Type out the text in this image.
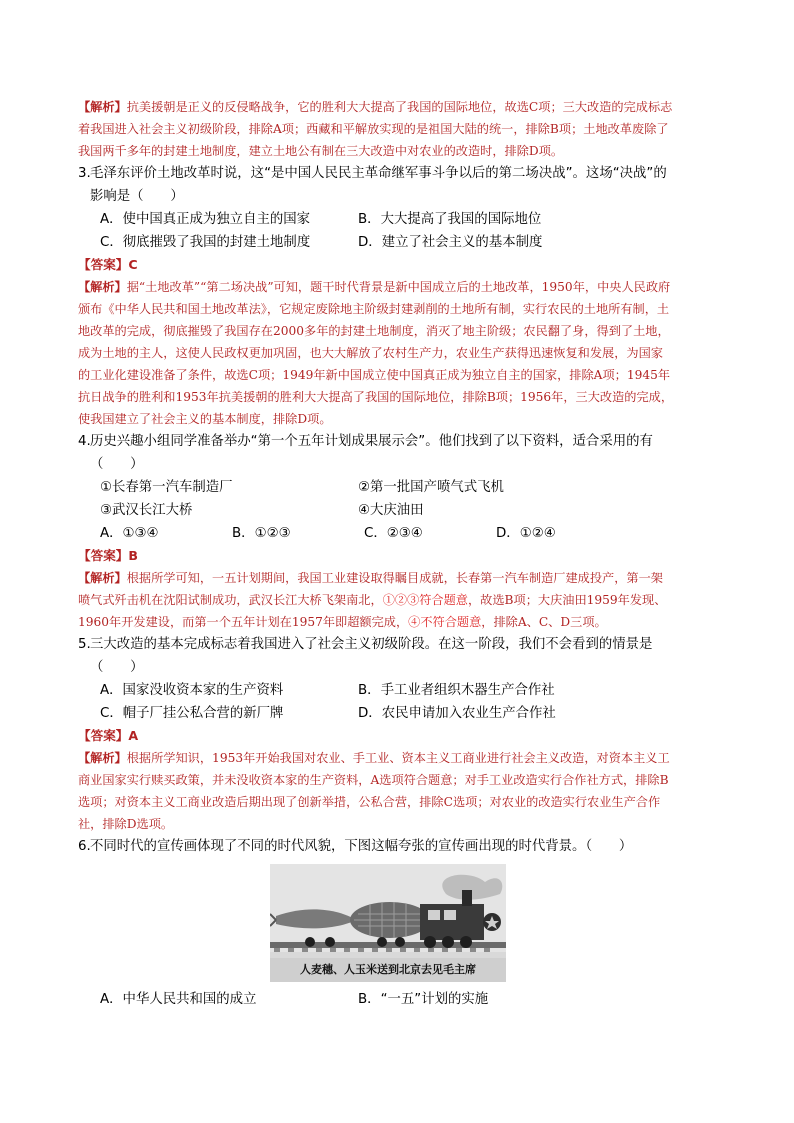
【解析】抗美援朝是正义的反侵略战争，它的胜利大大提高了我国的国际地位，故选C项；三大改造的完成标志着我国进入社会主义初级阶段，排除A项；西藏和平解放实现的是祖国大陆的统一，排除B项；土地改革废除了我国两千多年的封建土地制度，建立土地公有制在三大改造中对农业的改造时，排除D项。

3.毛泽东评价土地改革时说，这“是中国人民民主革命继军事斗争以后的第二场决战”。这场“决战”的影响是（　　）

A．使中国真正成为独立自主的国家	B．大大提高了我国的国际地位
C．彻底摧毁了我国的封建土地制度	D．建立了社会主义的基本制度

【答案】C

【解析】据“土地改革”“第二场决战”可知，题干时代背景是新中国成立后的土地改革，1950年，中央人民政府颁布《中华人民共和国土地改革法》，它规定废除地主阶级封建剥削的土地所有制，实行农民的土地所有制，土地改革的完成，彻底摧毁了我国存在2000多年的封建土地制度，消灭了地主阶级；农民翻了身，得到了土地，成为土地的主人，这使人民政权更加巩固，也大大解放了农村生产力，农业生产获得迅速恢复和发展，为国家的工业化建设准备了条件，故选C项；1949年新中国成立使中国真正成为独立自主的国家，排除A项；1945年抗日战争的胜利和1953年抗美援朝的胜利大大提高了我国的国际地位，排除B项；1956年，三大改造的完成，使我国建立了社会主义的基本制度，排除D项。

4.历史兴趣小组同学准备举办“第一个五年计划成果展示会”。他们找到了以下资料，适合采用的有（　　）

①长春第一汽车制造厂	②第一批国产喷气式飞机
③武汉长江大桥	④大庆油田
A．①③④	B．①②③	C．②③④	D．①②④

【答案】B

【解析】根据所学可知，一五计划期间，我国工业建设取得瞩目成就，长春第一汽车制造厂建成投产，第一架喷气式歼击机在沈阳试制成功，武汉长江大桥飞架南北，①②③符合题意，故选B项；大庆油田1959年发现、1960年开发建设，而第一个五年计划在1957年即超额完成，④不符合题意，排除A、C、D三项。

5.三大改造的基本完成标志着我国进入了社会主义初级阶段。在这一阶段，我们不会看到的情景是（　　）

A．国家没收资本家的生产资料	B．手工业者组织木器生产合作社
C．帽子厂挂公私合营的新厂牌	D．农民申请加入农业生产合作社

【答案】A

【解析】根据所学知识，1953年开始我国对农业、手工业、资本主义工商业进行社会主义改造，对资本主义工商业国家实行赎买政策，并未没收资本家的生产资料，A选项符合题意；对手工业改造实行合作社方式，排除B选项；对资本主义工商业改造后期出现了创新举措，公私合营，排除C选项；对农业的改造实行农业生产合作社，排除D选项。

6.不同时代的宣传画体现了不同的时代风貌，下图这幅夸张的宣传画出现的时代背景。（　　）

人麦穗、人玉米送到北京去见毛主席
A．中华人民共和国的成立	B．“一五”计划的实施
